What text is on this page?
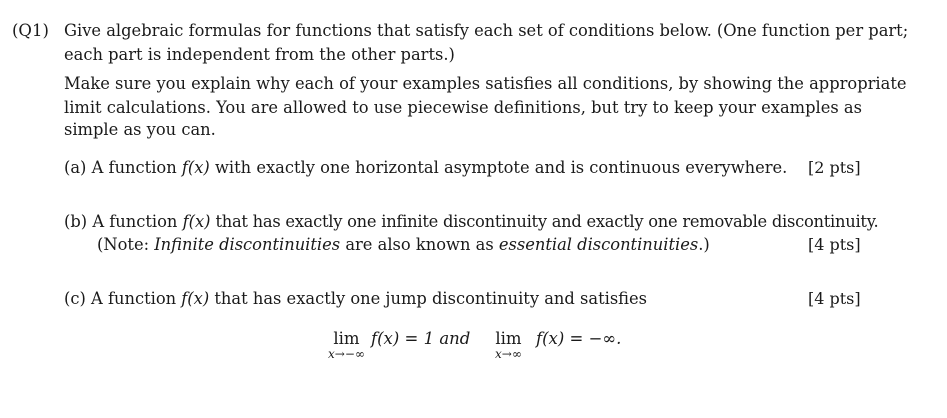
(Q1) Give algebraic formulas for functions that satisfy each set of conditions below. (One function per part;
each part is independent from the other parts.)
Make sure you explain why each of your examples satisfies all conditions, by showing the appropriate
limit calculations. You are allowed to use piecewise definitions, but try to keep your examples as
simple as you can.
(a) A function f(x) with exactly one horizontal asymptote and is continuous everywhere. [2 pts]
(b) A function f(x) that has exactly one infinite discontinuity and exactly one removable discontinuity.
(Note: Infinite discontinuities are also known as essential discontinuities.)	[4 pts]
(c) A function f(x) that has exactly one jump discontinuity and satisfies	[4 pts]
lim
x→−∞
f(x) = 1 and lim
x→∞
f(x) = −∞.
